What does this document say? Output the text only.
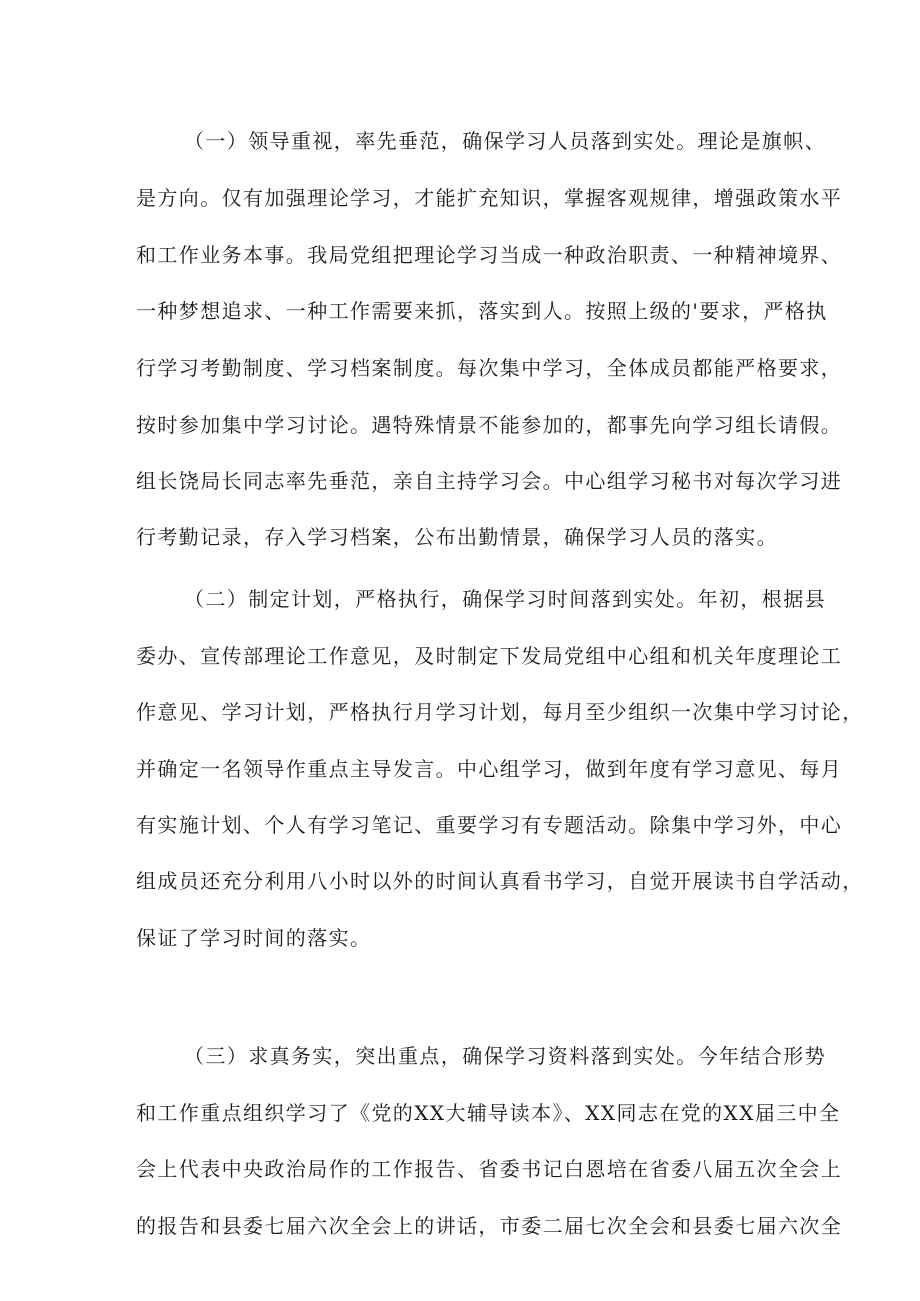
（一）领导重视，率先垂范，确保学习人员落到实处。理论是旗帜、
是方向。仅有加强理论学习，才能扩充知识，掌握客观规律，增强政策水平
和工作业务本事。我局党组把理论学习当成一种政治职责、一种精神境界、
一种梦想追求、一种工作需要来抓，落实到人。按照上级的'要求，严格执
行学习考勤制度、学习档案制度。每次集中学习，全体成员都能严格要求，
按时参加集中学习讨论。遇特殊情景不能参加的，都事先向学习组长请假。
组长饶局长同志率先垂范，亲自主持学习会。中心组学习秘书对每次学习进
行考勤记录，存入学习档案，公布出勤情景，确保学习人员的落实。
（二）制定计划，严格执行，确保学习时间落到实处。年初，根据县
委办、宣传部理论工作意见，及时制定下发局党组中心组和机关年度理论工
作意见、学习计划，严格执行月学习计划，每月至少组织一次集中学习讨论，
并确定一名领导作重点主导发言。中心组学习，做到年度有学习意见、每月
有实施计划、个人有学习笔记、重要学习有专题活动。除集中学习外，中心
组成员还充分利用八小时以外的时间认真看书学习，自觉开展读书自学活动，
保证了学习时间的落实。
（三）求真务实，突出重点，确保学习资料落到实处。今年结合形势
和工作重点组织学习了《党的XX大辅导读本》、XX同志在党的XX届三中全
会上代表中央政治局作的工作报告、省委书记白恩培在省委八届五次全会上
的报告和县委七届六次全会上的讲话，市委二届七次全会和县委七届六次全
